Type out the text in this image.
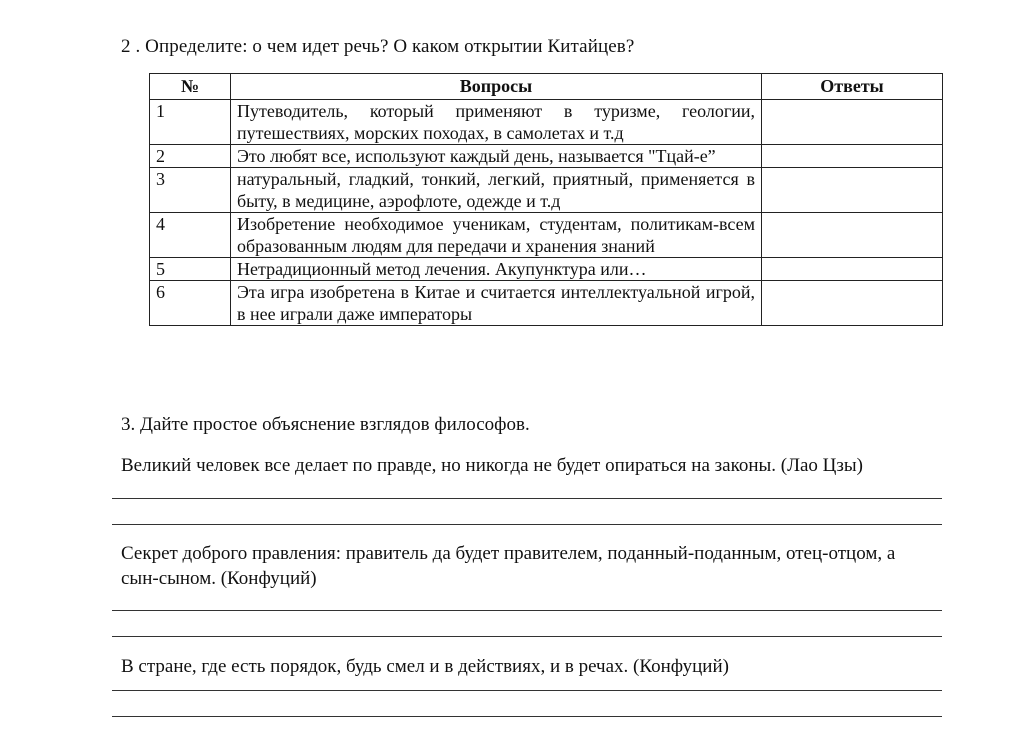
2 . Определите: о чем идет речь? О каком открытии Китайцев?
№	Вопросы	Ответы
1	Путеводитель, который применяют в туризме, геологии, путешествиях, морских походах, в самолетах и т.д	
2	Это любят все, используют каждый день, называется "Тцай-е”	
3	натуральный, гладкий, тонкий, легкий, приятный, применяется в быту, в медицине, аэрофлоте, одежде и т.д	
4	Изобретение необходимое ученикам, студентам, политикам-всем образованным людям для передачи и хранения знаний	
5	Нетрадиционный метод лечения. Акупунктура или…	
6	Эта игра изобретена в Китае и считается интеллектуальной игрой, в нее играли даже императоры	
3. Дайте простое объяснение взглядов философов.
Великий человек все делает по правде, но никогда не будет опираться на законы. (Лао Цзы)
Секрет доброго правления: правитель да будет правителем, поданный-поданным, отец-отцом, а сын-сыном. (Конфуций)
В стране, где есть порядок, будь смел и в действиях, и в речах. (Конфуций)
